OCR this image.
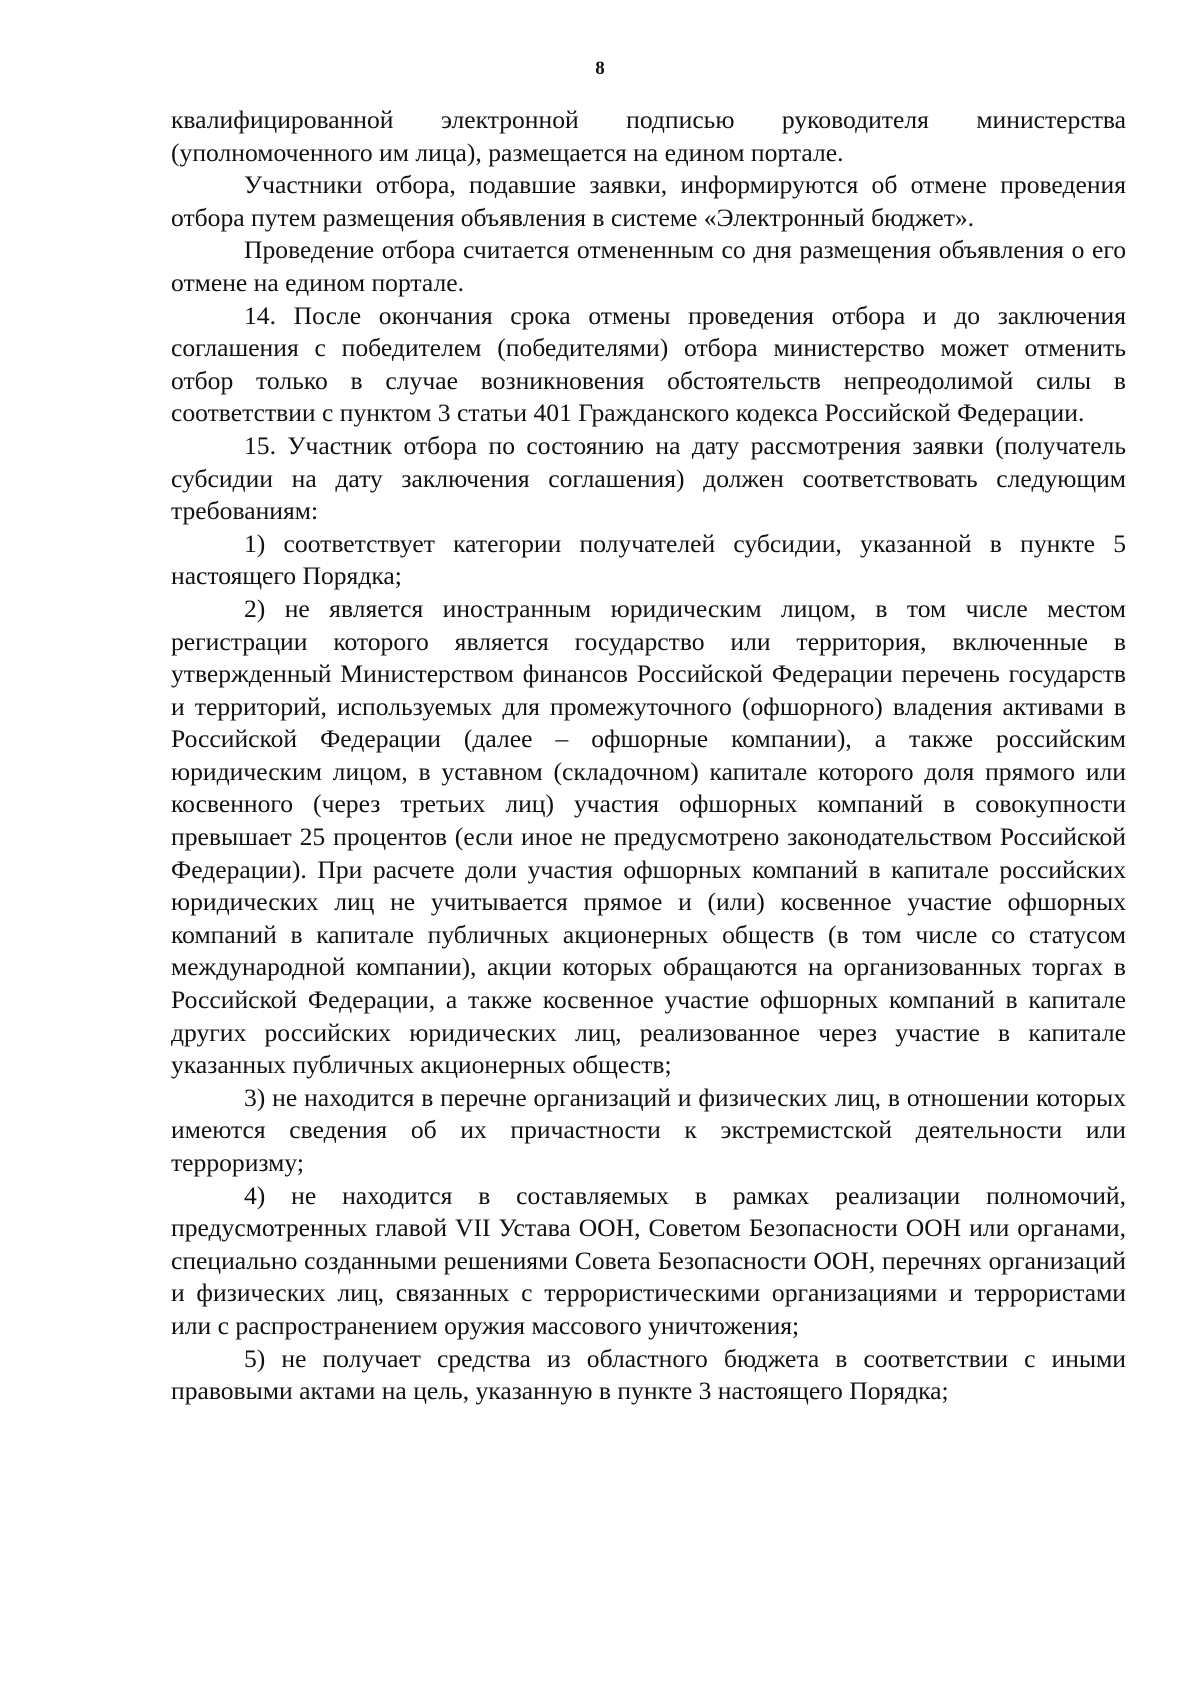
8

квалифицированной электронной подписью руководителя министерства (уполномоченного им лица), размещается на едином портале.

Участники отбора, подавшие заявки, информируются об отмене проведения отбора путем размещения объявления в системе «Электронный бюджет».

Проведение отбора считается отмененным со дня размещения объявления о его отмене на едином портале.

14. После окончания срока отмены проведения отбора и до заключения соглашения с победителем (победителями) отбора министерство может отменить отбор только в случае возникновения обстоятельств непреодолимой силы в соответствии с пунктом 3 статьи 401 Гражданского кодекса Российской Федерации.

15. Участник отбора по состоянию на дату рассмотрения заявки (получатель субсидии на дату заключения соглашения) должен соответствовать следующим требованиям:

1) соответствует категории получателей субсидии, указанной в пункте 5 настоящего Порядка;

2) не является иностранным юридическим лицом, в том числе местом регистрации которого является государство или территория, включенные в утвержденный Министерством финансов Российской Федерации перечень государств и территорий, используемых для промежуточного (офшорного) владения активами в Российской Федерации (далее – офшорные компании), а также российским юридическим лицом, в уставном (складочном) капитале которого доля прямого или косвенного (через третьих лиц) участия офшорных компаний в совокупности превышает 25 процентов (если иное не предусмотрено законодательством Российской Федерации). При расчете доли участия офшорных компаний в капитале российских юридических лиц не учитывается прямое и (или) косвенное участие офшорных компаний в капитале публичных акционерных обществ (в том числе со статусом международной компании), акции которых обращаются на организованных торгах в Российской Федерации, а также косвенное участие офшорных компаний в капитале других российских юридических лиц, реализованное через участие в капитале указанных публичных акционерных обществ;

3) не находится в перечне организаций и физических лиц, в отношении которых имеются сведения об их причастности к экстремистской деятельности или терроризму;

4) не находится в составляемых в рамках реализации полномочий, предусмотренных главой VII Устава ООН, Советом Безопасности ООН или органами, специально созданными решениями Совета Безопасности ООН, перечнях организаций и физических лиц, связанных с террористическими организациями и террористами или с распространением оружия массового уничтожения;

5) не получает средства из областного бюджета в соответствии с иными правовыми актами на цель, указанную в пункте 3 настоящего Порядка;
